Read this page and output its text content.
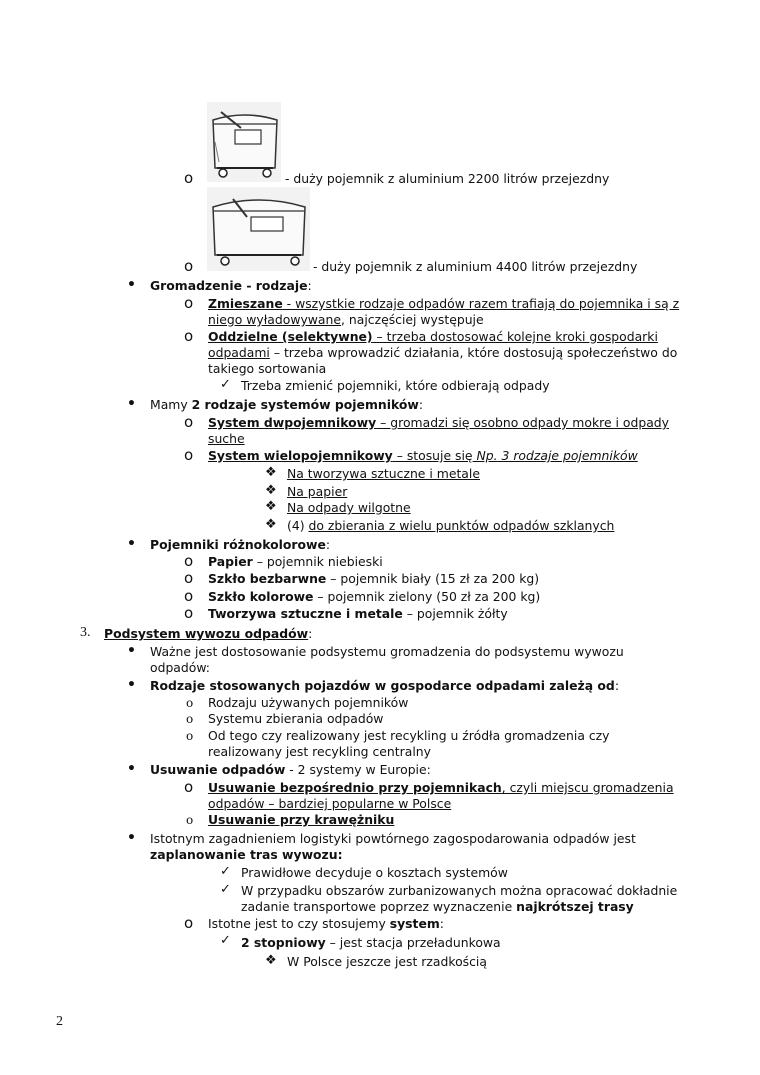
o	- duży pojemnik z aluminium 2200 litrów przejezdny
o	- duży pojemnik z aluminium 4400 litrów przejezdny
• Gromadzenie - rodzaje:
o Zmieszane - wszystkie rodzaje odpadów razem trafiają do pojemnika i są z
niego wyładowywane, najczęściej występuje
o Oddzielne (selektywne) – trzeba dostosować kolejne kroki gospodarki
odpadami – trzeba wprowadzić działania, które dostosują społeczeństwo do
takiego sortowania
✓ Trzeba zmienić pojemniki, które odbierają odpady
• Mamy 2 rodzaje systemów pojemników:
o System dwpojemnikowy – gromadzi się osobno odpady mokre i odpady
suche
o System wielopojemnikowy – stosuje się Np. 3 rodzaje pojemników
❖ Na tworzywa sztuczne i metale
❖ Na papier
❖ Na odpady wilgotne
❖ (4) do zbierania z wielu punktów odpadów szklanych
• Pojemniki różnokolorowe:
o Papier – pojemnik niebieski
o Szkło bezbarwne – pojemnik biały (15 zł za 200 kg)
o Szkło kolorowe – pojemnik zielony (50 zł za 200 kg)
o Tworzywa sztuczne i metale – pojemnik żółty
3. Podsystem wywozu odpadów:
• Ważne jest dostosowanie podsystemu gromadzenia do podsystemu wywozu
odpadów:
• Rodzaje stosowanych pojazdów w gospodarce odpadami zależą od:
o Rodzaju używanych pojemników
o Systemu zbierania odpadów
o Od tego czy realizowany jest recykling u źródła gromadzenia czy
realizowany jest recykling centralny
• Usuwanie odpadów - 2 systemy w Europie:
o Usuwanie bezpośrednio przy pojemnikach, czyli miejscu gromadzenia
odpadów – bardziej popularne w Polsce
o Usuwanie przy krawężniku
• Istotnym zagadnieniem logistyki powtórnego zagospodarowania odpadów jest
zaplanowanie tras wywozu:
✓ Prawidłowe decyduje o kosztach systemów
✓ W przypadku obszarów zurbanizowanych można opracować dokładnie
zadanie transportowe poprzez wyznaczenie najkrótszej trasy
o Istotne jest to czy stosujemy system:
✓ 2 stopniowy – jest stacja przeładunkowa
❖ W Polsce jeszcze jest rzadkością
2
